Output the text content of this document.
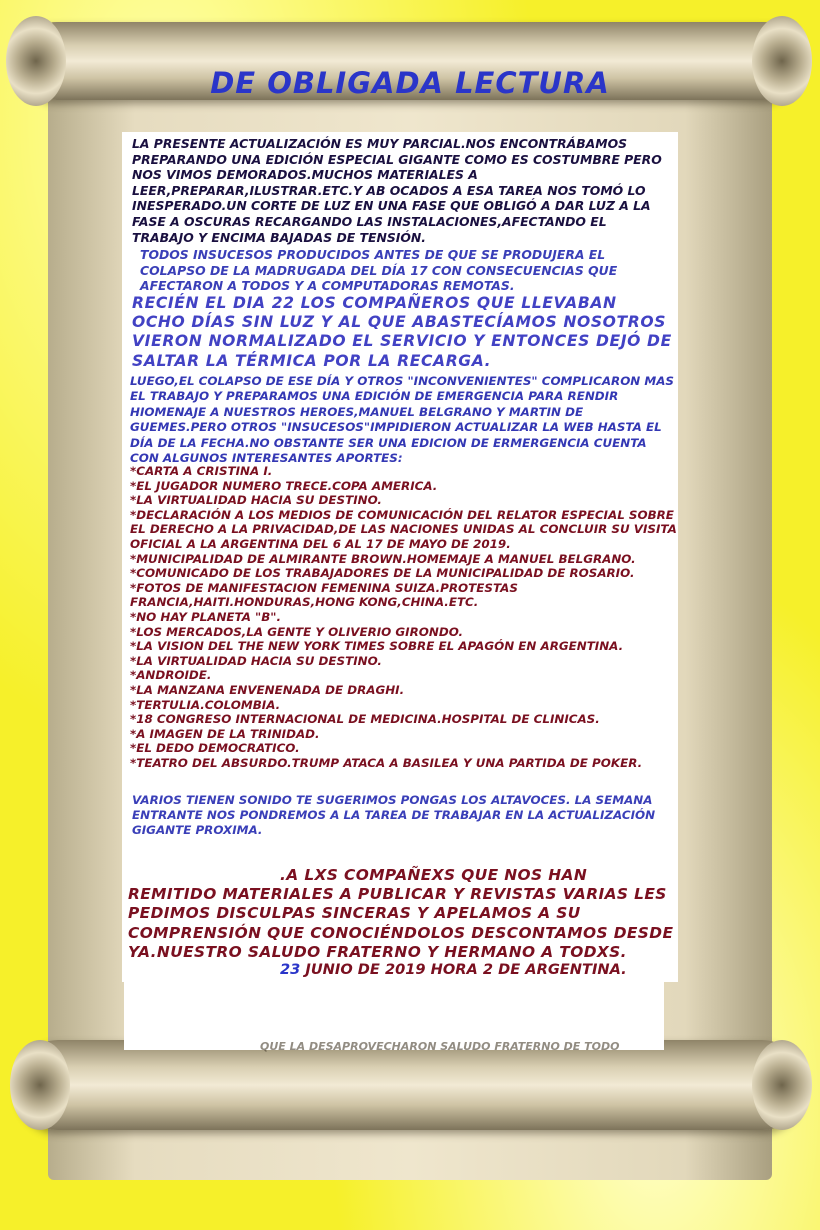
DE OBLIGADA LECTURA
LA PRESENTE ACTUALIZACIÓN ES MUY PARCIAL.NOS ENCONTRÁBAMOS PREPARANDO UNA EDICIÓN ESPECIAL GIGANTE COMO ES COSTUMBRE PERO NOS VIMOS DEMORADOS.MUCHOS MATERIALES A LEER,PREPARAR,ILUSTRAR.ETC.Y AB OCADOS A ESA TAREA NOS TOMÓ LO INESPERADO.UN CORTE DE LUZ EN UNA FASE QUE OBLIGÓ A DAR LUZ A LA FASE A OSCURAS RECARGANDO LAS INSTALACIONES,AFECTANDO EL TRABAJO Y ENCIMA BAJADAS DE TENSIÓN.
TODOS INSUCESOS PRODUCIDOS ANTES DE QUE SE PRODUJERA EL COLAPSO DE LA MADRUGADA DEL DÍA 17 CON CONSECUENCIAS QUE AFECTARON A TODOS Y A COMPUTADORAS REMOTAS.
RECIÉN EL DIA 22 LOS COMPAÑEROS QUE LLEVABAN OCHO DÍAS SIN LUZ Y AL QUE ABASTECÍAMOS NOSOTROS VIERON NORMALIZADO EL SERVICIO Y ENTONCES DEJÓ DE SALTAR LA TÉRMICA POR LA RECARGA.
LUEGO,EL COLAPSO DE ESE DÍA Y OTROS "INCONVENIENTES" COMPLICARON MAS EL TRABAJO Y PREPARAMOS UNA EDICIÓN DE EMERGENCIA PARA RENDIR HIOMENAJE A NUESTROS HEROES,MANUEL BELGRANO Y MARTIN DE GUEMES.PERO OTROS "INSUCESOS"IMPIDIERON ACTUALIZAR LA WEB HASTA EL DÍA DE LA FECHA.NO OBSTANTE SER UNA EDICION DE ERMERGENCIA CUENTA CON ALGUNOS INTERESANTES APORTES:
*CARTA A CRISTINA I.
*EL JUGADOR NUMERO TRECE.COPA AMERICA.
*LA VIRTUALIDAD HACIA SU DESTINO.
*DECLARACIÓN A LOS MEDIOS DE COMUNICACIÓN DEL RELATOR ESPECIAL SOBRE EL DERECHO A LA PRIVACIDAD,DE LAS NACIONES UNIDAS AL CONCLUIR SU VISITA OFICIAL A LA ARGENTINA DEL 6 AL 17 DE MAYO DE 2019.
*MUNICIPALIDAD DE ALMIRANTE BROWN.HOMEMAJE A MANUEL BELGRANO.
*COMUNICADO DE LOS TRABAJADORES DE LA MUNICIPALIDAD DE ROSARIO.
*FOTOS DE MANIFESTACION FEMENINA SUIZA.PROTESTAS FRANCIA,HAITI.HONDURAS,HONG KONG,CHINA.ETC.
*NO HAY PLANETA "B".
*LOS MERCADOS,LA GENTE Y OLIVERIO GIRONDO.
*LA VISION DEL THE NEW YORK TIMES SOBRE EL APAGÓN EN ARGENTINA.
*LA VIRTUALIDAD HACIA SU DESTINO.
*ANDROIDE.
*LA MANZANA ENVENENADA DE DRAGHI.
*TERTULIA.COLOMBIA.
*18 CONGRESO INTERNACIONAL DE MEDICINA.HOSPITAL DE CLINICAS.
*A IMAGEN DE LA TRINIDAD.
*EL DEDO DEMOCRATICO.
*TEATRO DEL ABSURDO.TRUMP ATACA A BASILEA Y UNA PARTIDA DE POKER.
VARIOS TIENEN SONIDO TE SUGERIMOS PONGAS LOS ALTAVOCES. LA SEMANA ENTRANTE NOS PONDREMOS A LA TAREA DE TRABAJAR EN LA ACTUALIZACIÓN GIGANTE PROXIMA.
.A LXS COMPAÑEXS QUE NOS HAN REMITIDO MATERIALES A PUBLICAR Y REVISTAS VARIAS LES PEDIMOS DISCULPAS SINCERAS Y APELAMOS A SU COMPRENSIÓN QUE CONOCIÉNDOLOS DESCONTAMOS DESDE YA.NUESTRO SALUDO FRATERNO Y HERMANO A TODXS.
23 JUNIO DE 2019 HORA 2 DE ARGENTINA.
QUE LA DESAPROVECHARON SALUDO FRATERNO DE TODO
